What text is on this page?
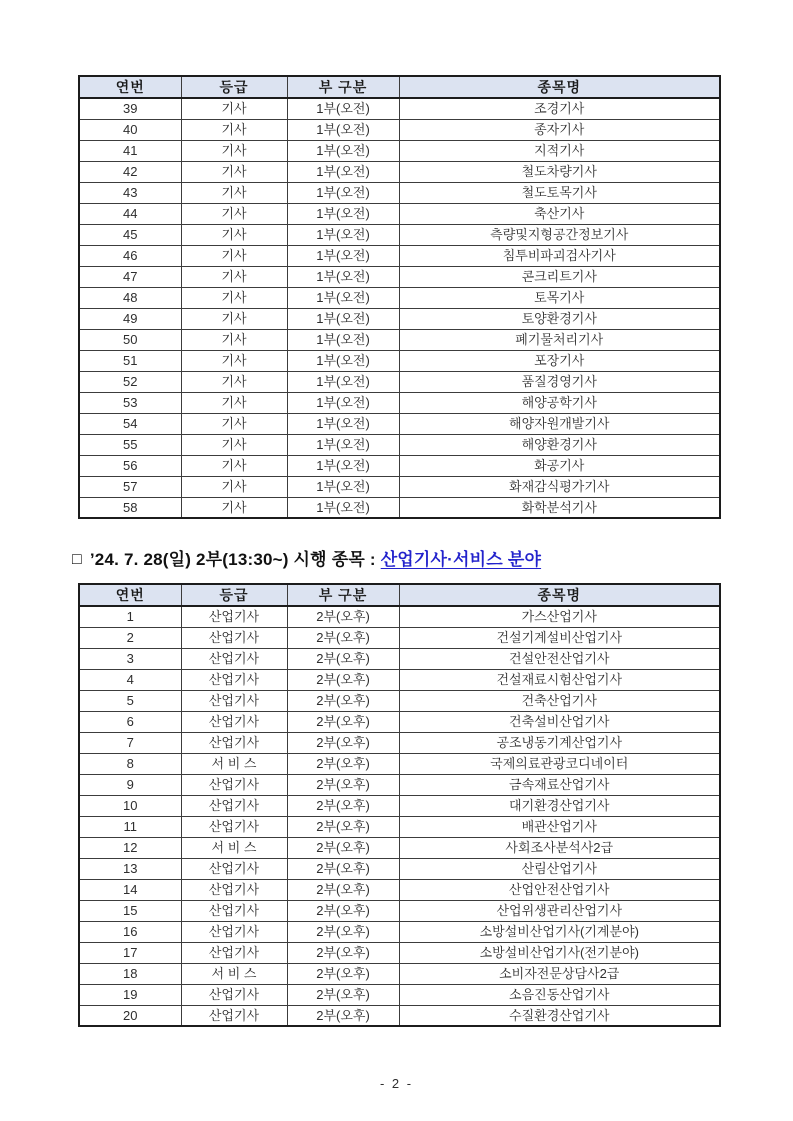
연번	등급	부 구분	종목명
39	기사	1부(오전)	조경기사
40	기사	1부(오전)	종자기사
41	기사	1부(오전)	지적기사
42	기사	1부(오전)	철도차량기사
43	기사	1부(오전)	철도토목기사
44	기사	1부(오전)	축산기사
45	기사	1부(오전)	측량및지형공간정보기사
46	기사	1부(오전)	침투비파괴검사기사
47	기사	1부(오전)	콘크리트기사
48	기사	1부(오전)	토목기사
49	기사	1부(오전)	토양환경기사
50	기사	1부(오전)	폐기물처리기사
51	기사	1부(오전)	포장기사
52	기사	1부(오전)	품질경영기사
53	기사	1부(오전)	해양공학기사
54	기사	1부(오전)	해양자원개발기사
55	기사	1부(오전)	해양환경기사
56	기사	1부(오전)	화공기사
57	기사	1부(오전)	화재감식평가기사
58	기사	1부(오전)	화학분석기사
□ ’24. 7. 28(일) 2부(13:30~) 시행 종목 : 산업기사·서비스 분야
연번	등급	부 구분	종목명
1	산업기사	2부(오후)	가스산업기사
2	산업기사	2부(오후)	건설기계설비산업기사
3	산업기사	2부(오후)	건설안전산업기사
4	산업기사	2부(오후)	건설재료시험산업기사
5	산업기사	2부(오후)	건축산업기사
6	산업기사	2부(오후)	건축설비산업기사
7	산업기사	2부(오후)	공조냉동기계산업기사
8	서 비 스	2부(오후)	국제의료관광코디네이터
9	산업기사	2부(오후)	금속재료산업기사
10	산업기사	2부(오후)	대기환경산업기사
11	산업기사	2부(오후)	배관산업기사
12	서 비 스	2부(오후)	사회조사분석사2급
13	산업기사	2부(오후)	산림산업기사
14	산업기사	2부(오후)	산업안전산업기사
15	산업기사	2부(오후)	산업위생관리산업기사
16	산업기사	2부(오후)	소방설비산업기사(기계분야)
17	산업기사	2부(오후)	소방설비산업기사(전기분야)
18	서 비 스	2부(오후)	소비자전문상담사2급
19	산업기사	2부(오후)	소음진동산업기사
20	산업기사	2부(오후)	수질환경산업기사
- 2 -
